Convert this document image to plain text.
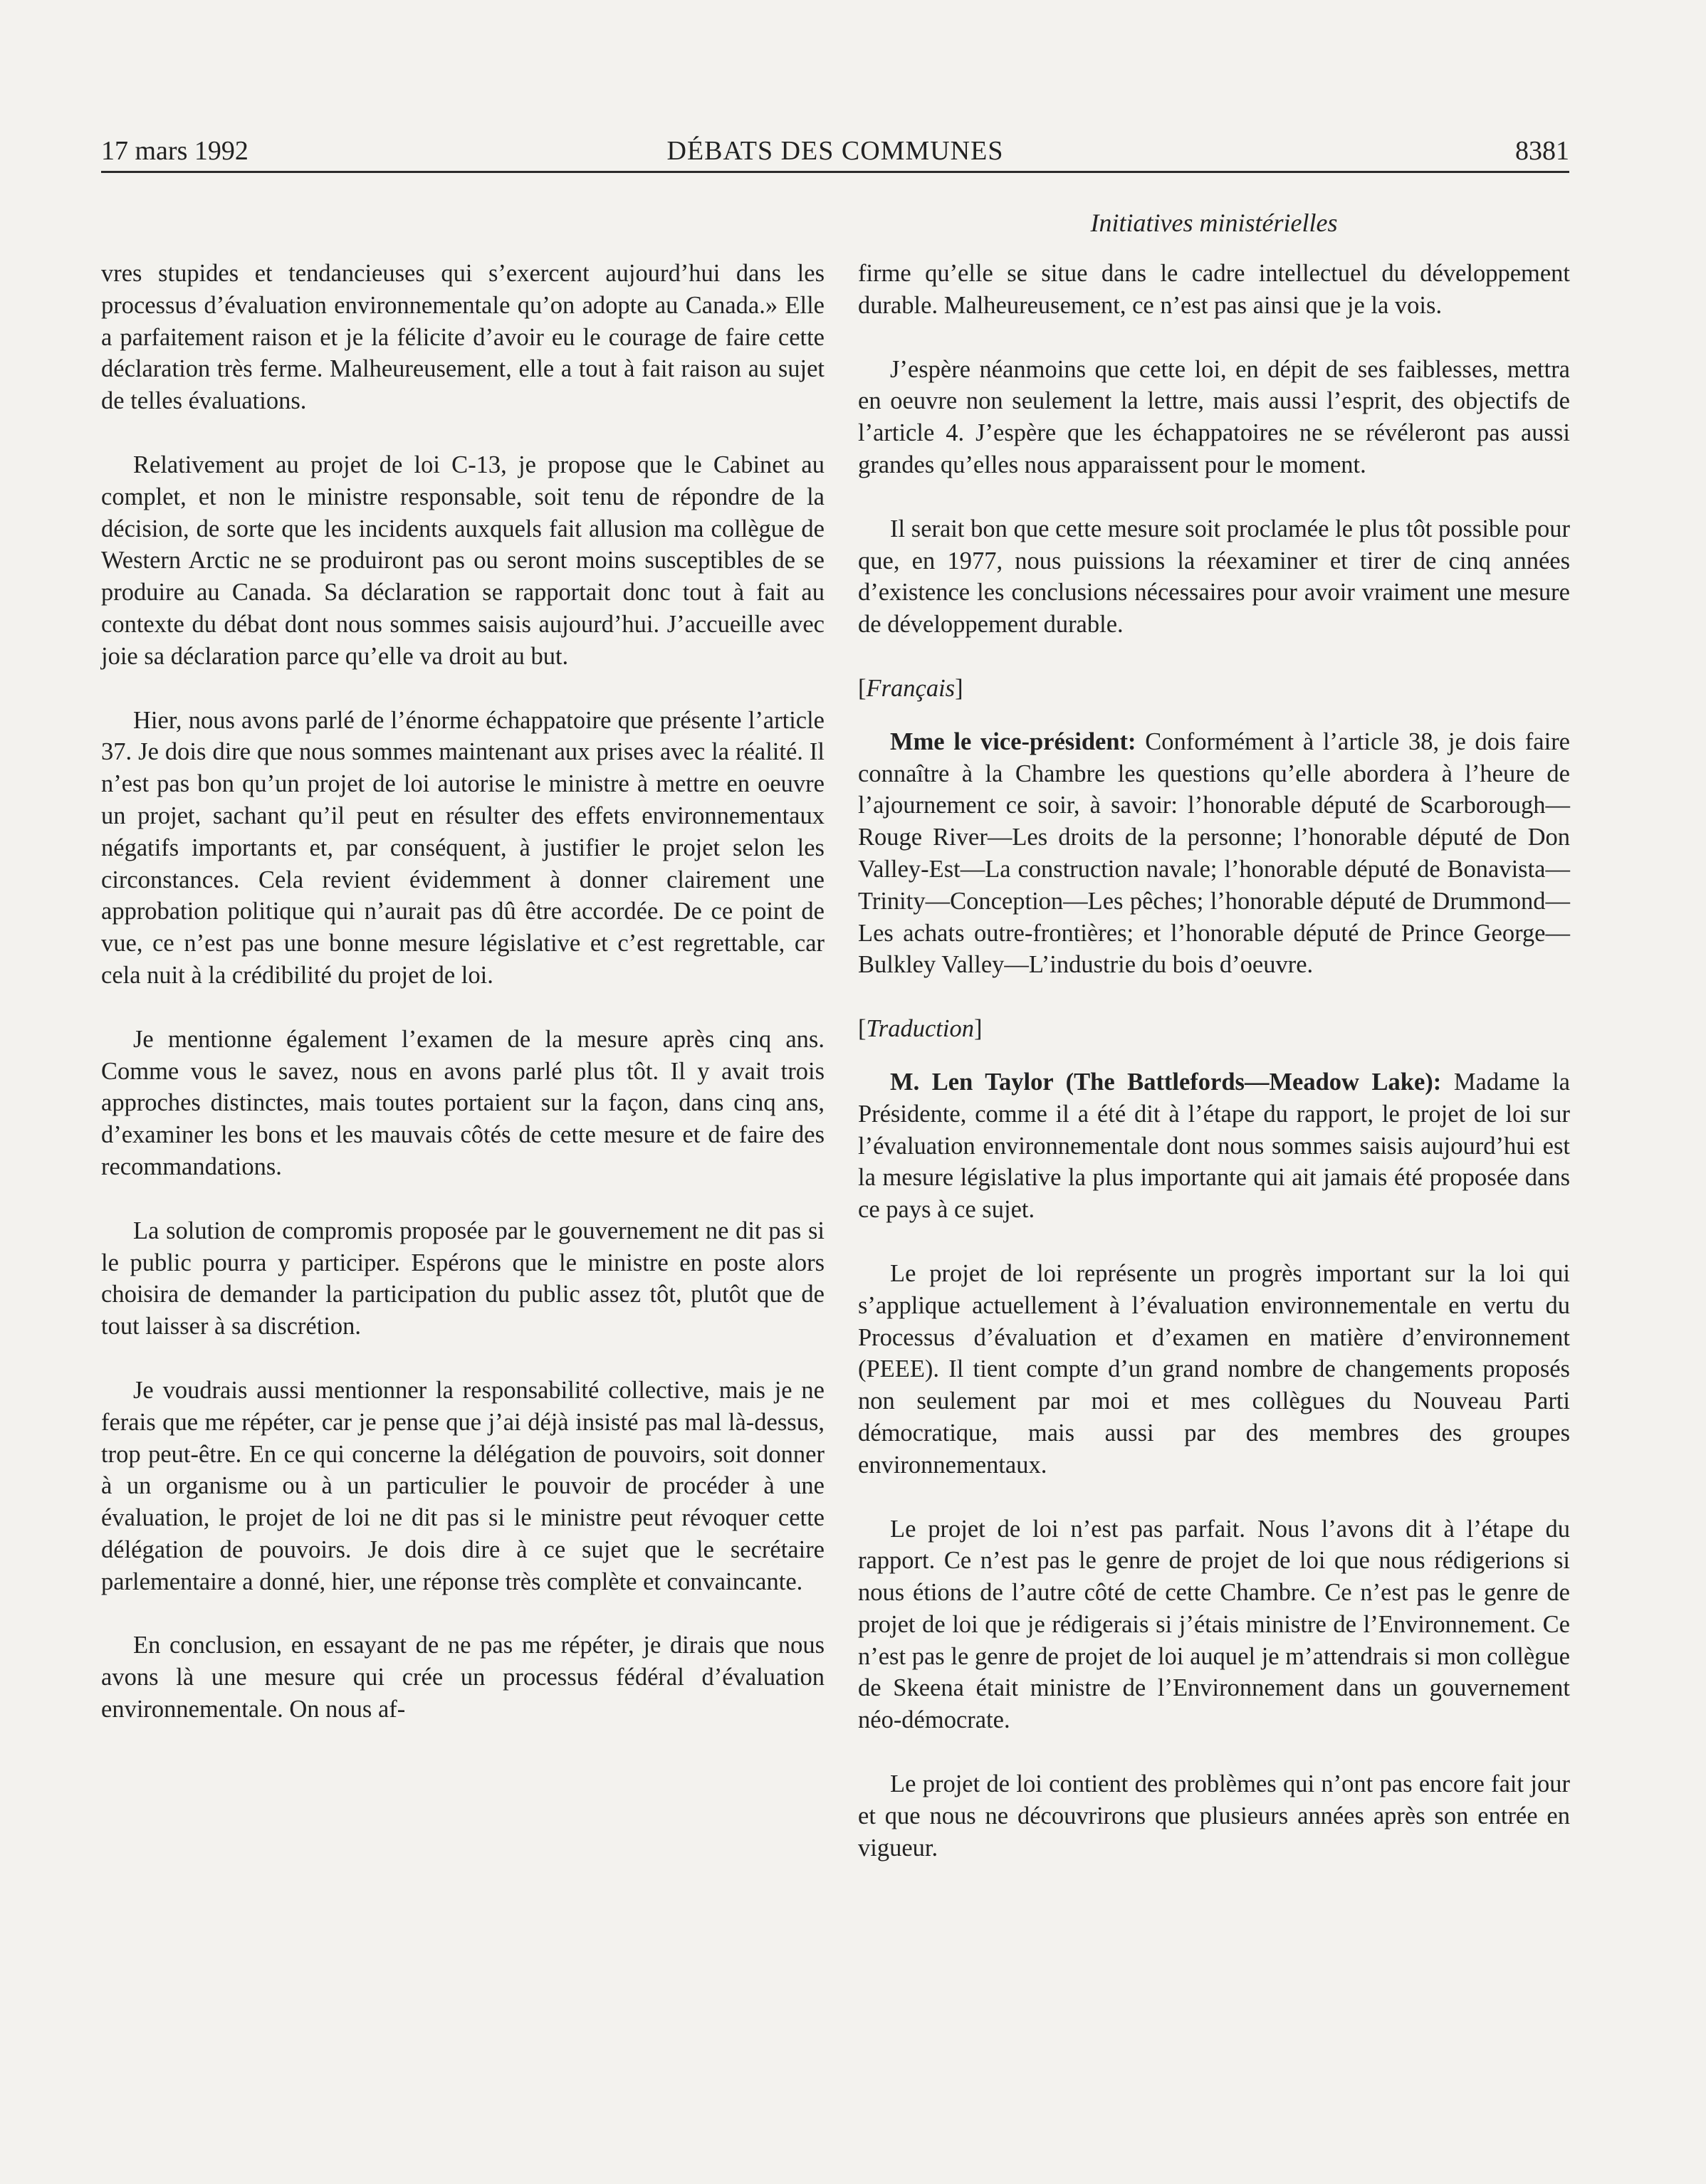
17 mars 1992	DÉBATS DES COMMUNES	8381
Initiatives ministérielles

vres stupides et tendancieuses qui s’exercent aujourd’hui dans les processus d’évaluation environnementale qu’on adopte au Canada.» Elle a parfaitement raison et je la félicite d’avoir eu le courage de faire cette déclaration très ferme. Malheureusement, elle a tout à fait raison au sujet de telles évaluations.

Relativement au projet de loi C-13, je propose que le Cabinet au complet, et non le ministre responsable, soit tenu de répondre de la décision, de sorte que les incidents auxquels fait allusion ma collègue de Western Arctic ne se produiront pas ou seront moins susceptibles de se produire au Canada. Sa déclaration se rapportait donc tout à fait au contexte du débat dont nous sommes saisis aujourd’hui. J’accueille avec joie sa déclaration parce qu’elle va droit au but.

Hier, nous avons parlé de l’énorme échappatoire que présente l’article 37. Je dois dire que nous sommes maintenant aux prises avec la réalité. Il n’est pas bon qu’un projet de loi autorise le ministre à mettre en oeuvre un projet, sachant qu’il peut en résulter des effets environnementaux négatifs importants et, par conséquent, à justifier le projet selon les circonstances. Cela revient évidemment à donner clairement une approbation politique qui n’aurait pas dû être accordée. De ce point de vue, ce n’est pas une bonne mesure législative et c’est regrettable, car cela nuit à la crédibilité du projet de loi.

Je mentionne également l’examen de la mesure après cinq ans. Comme vous le savez, nous en avons parlé plus tôt. Il y avait trois approches distinctes, mais toutes portaient sur la façon, dans cinq ans, d’examiner les bons et les mauvais côtés de cette mesure et de faire des recommandations.

La solution de compromis proposée par le gouvernement ne dit pas si le public pourra y participer. Espérons que le ministre en poste alors choisira de demander la participation du public assez tôt, plutôt que de tout laisser à sa discrétion.

Je voudrais aussi mentionner la responsabilité collective, mais je ne ferais que me répéter, car je pense que j’ai déjà insisté pas mal là-dessus, trop peut-être. En ce qui concerne la délégation de pouvoirs, soit donner à un organisme ou à un particulier le pouvoir de procéder à une évaluation, le projet de loi ne dit pas si le ministre peut révoquer cette délégation de pouvoirs. Je dois dire à ce sujet que le secrétaire parlementaire a donné, hier, une réponse très complète et convaincante.

En conclusion, en essayant de ne pas me répéter, je dirais que nous avons là une mesure qui crée un processus fédéral d’évaluation environnementale. On nous af-

firme qu’elle se situe dans le cadre intellectuel du développement durable. Malheureusement, ce n’est pas ainsi que je la vois.

J’espère néanmoins que cette loi, en dépit de ses faiblesses, mettra en oeuvre non seulement la lettre, mais aussi l’esprit, des objectifs de l’article 4. J’espère que les échappatoires ne se révéleront pas aussi grandes qu’elles nous apparaissent pour le moment.

Il serait bon que cette mesure soit proclamée le plus tôt possible pour que, en 1977, nous puissions la réexaminer et tirer de cinq années d’existence les conclusions nécessaires pour avoir vraiment une mesure de développement durable.

[Français]

Mme le vice-président: Conformément à l’article 38, je dois faire connaître à la Chambre les questions qu’elle abordera à l’heure de l’ajournement ce soir, à savoir: l’honorable député de Scarborough—Rouge River—Les droits de la personne; l’honorable député de Don Valley-Est—La construction navale; l’honorable député de Bonavista—Trinity—Conception—Les pêches; l’honorable député de Drummond—Les achats outre-frontières; et l’honorable député de Prince George—Bulkley Valley—L’industrie du bois d’oeuvre.

[Traduction]

M. Len Taylor (The Battlefords—Meadow Lake): Madame la Présidente, comme il a été dit à l’étape du rapport, le projet de loi sur l’évaluation environnementale dont nous sommes saisis aujourd’hui est la mesure législative la plus importante qui ait jamais été proposée dans ce pays à ce sujet.

Le projet de loi représente un progrès important sur la loi qui s’applique actuellement à l’évaluation environnementale en vertu du Processus d’évaluation et d’examen en matière d’environnement (PEEE). Il tient compte d’un grand nombre de changements proposés non seulement par moi et mes collègues du Nouveau Parti démocratique, mais aussi par des membres des groupes environnementaux.

Le projet de loi n’est pas parfait. Nous l’avons dit à l’étape du rapport. Ce n’est pas le genre de projet de loi que nous rédigerions si nous étions de l’autre côté de cette Chambre. Ce n’est pas le genre de projet de loi que je rédigerais si j’étais ministre de l’Environnement. Ce n’est pas le genre de projet de loi auquel je m’attendrais si mon collègue de Skeena était ministre de l’Environnement dans un gouvernement néo-démocrate.

Le projet de loi contient des problèmes qui n’ont pas encore fait jour et que nous ne découvrirons que plusieurs années après son entrée en vigueur.
